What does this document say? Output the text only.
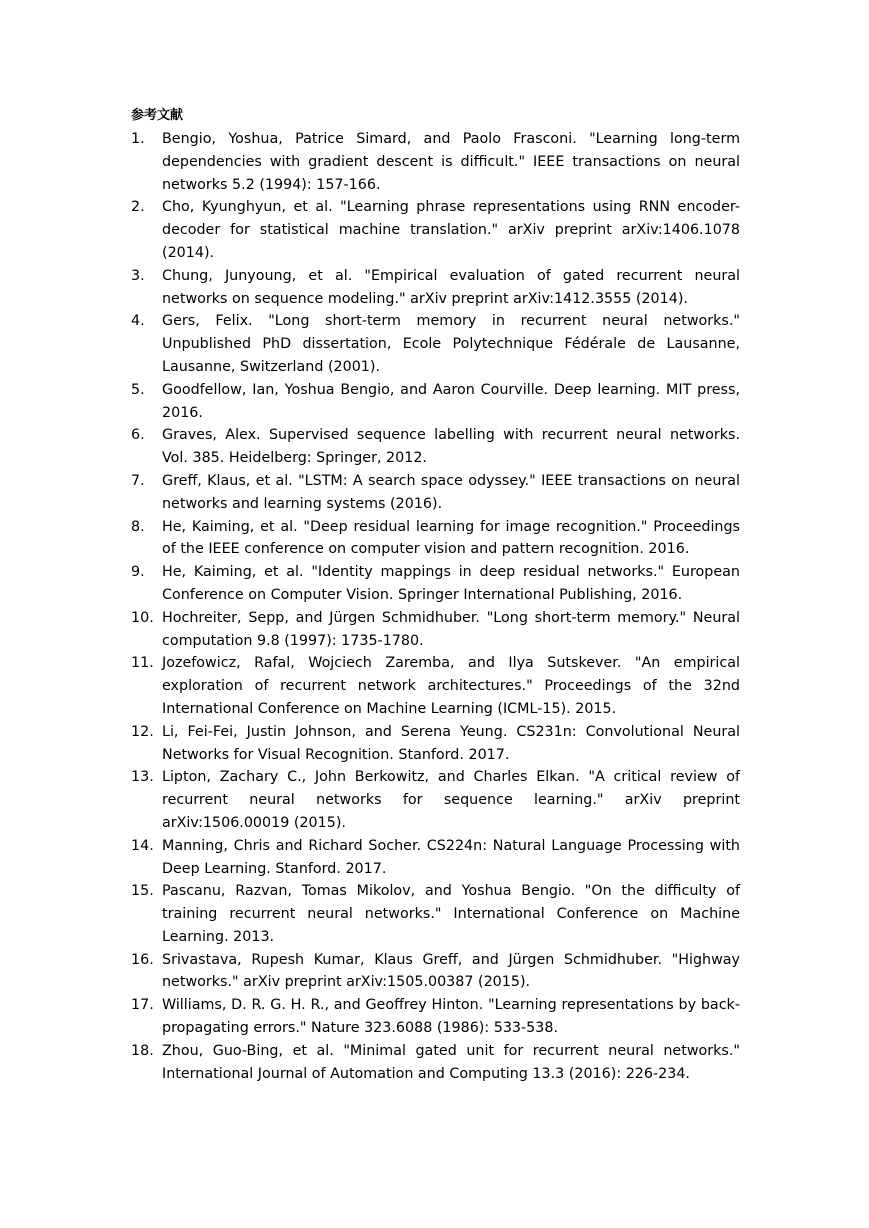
参考文献
1. Bengio, Yoshua, Patrice Simard, and Paolo Frasconi. "Learning long-term dependencies with gradient descent is difficult." IEEE transactions on neural networks 5.2 (1994): 157-166.
2. Cho, Kyunghyun, et al. "Learning phrase representations using RNN encoder-decoder for statistical machine translation." arXiv preprint arXiv:1406.1078 (2014).
3. Chung, Junyoung, et al. "Empirical evaluation of gated recurrent neural networks on sequence modeling." arXiv preprint arXiv:1412.3555 (2014).
4. Gers, Felix. "Long short-term memory in recurrent neural networks." Unpublished PhD dissertation, Ecole Polytechnique Fédérale de Lausanne, Lausanne, Switzerland (2001).
5. Goodfellow, Ian, Yoshua Bengio, and Aaron Courville. Deep learning. MIT press, 2016.
6. Graves, Alex. Supervised sequence labelling with recurrent neural networks. Vol. 385. Heidelberg: Springer, 2012.
7. Greff, Klaus, et al. "LSTM: A search space odyssey." IEEE transactions on neural networks and learning systems (2016).
8. He, Kaiming, et al. "Deep residual learning for image recognition." Proceedings of the IEEE conference on computer vision and pattern recognition. 2016.
9. He, Kaiming, et al. "Identity mappings in deep residual networks." European Conference on Computer Vision. Springer International Publishing, 2016.
10. Hochreiter, Sepp, and Jürgen Schmidhuber. "Long short-term memory." Neural computation 9.8 (1997): 1735-1780.
11. Jozefowicz, Rafal, Wojciech Zaremba, and Ilya Sutskever. "An empirical exploration of recurrent network architectures." Proceedings of the 32nd International Conference on Machine Learning (ICML-15). 2015.
12. Li, Fei-Fei, Justin Johnson, and Serena Yeung. CS231n: Convolutional Neural Networks for Visual Recognition. Stanford. 2017.
13. Lipton, Zachary C., John Berkowitz, and Charles Elkan. "A critical review of recurrent neural networks for sequence learning." arXiv preprint arXiv:1506.00019 (2015).
14. Manning, Chris and Richard Socher. CS224n: Natural Language Processing with Deep Learning. Stanford. 2017.
15. Pascanu, Razvan, Tomas Mikolov, and Yoshua Bengio. "On the difficulty of training recurrent neural networks." International Conference on Machine Learning. 2013.
16. Srivastava, Rupesh Kumar, Klaus Greff, and Jürgen Schmidhuber. "Highway networks." arXiv preprint arXiv:1505.00387 (2015).
17. Williams, D. R. G. H. R., and Geoffrey Hinton. "Learning representations by back-propagating errors." Nature 323.6088 (1986): 533-538.
18. Zhou, Guo-Bing, et al. "Minimal gated unit for recurrent neural networks." International Journal of Automation and Computing 13.3 (2016): 226-234.
